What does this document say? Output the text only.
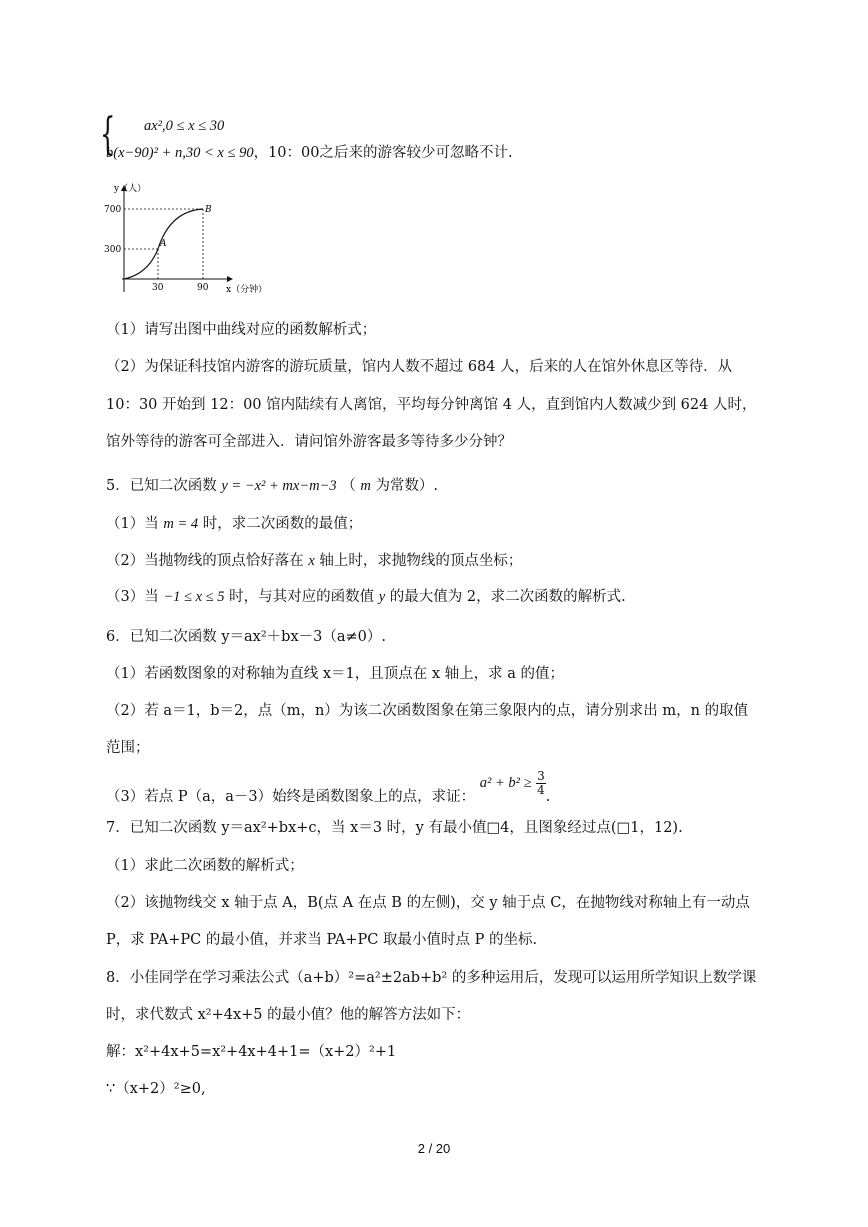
{ ax²,0 ≤ x ≤ 30
b(x−90)² + n,30 < x ≤ 90，10：00之后来的游客较少可忽略不计.
y（人）
700
300
30	90 x（分钟）
A
B
（1）请写出图中曲线对应的函数解析式；
（2）为保证科技馆内游客的游玩质量，馆内人数不超过 684 人，后来的人在馆外休息区等待．从
10：30 开始到 12：00 馆内陆续有人离馆，平均每分钟离馆 4 人，直到馆内人数减少到 624 人时，
馆外等待的游客可全部进入．请问馆外游客最多等待多少分钟？
5．已知二次函数 y = −x² + mx−m−3 （ m 为常数）.
（1）当 m = 4 时，求二次函数的最值；
（2）当抛物线的顶点恰好落在 x 轴上时，求抛物线的顶点坐标；
（3）当 −1 ≤ x ≤ 5 时，与其对应的函数值 y 的最大值为 2，求二次函数的解析式.
6．已知二次函数 y＝ax²＋bx－3（a≠0）.
（1）若函数图象的对称轴为直线 x＝1，且顶点在 x 轴上，求 a 的值；
（2）若 a＝1，b＝2，点（m，n）为该二次函数图象在第三象限内的点，请分别求出 m，n 的取值
范围；
（3）若点 P（a，a－3）始终是函数图象上的点，求证： $a^2 + b^2 \ge \frac{3}{4}$
.
7．已知二次函数 y＝ax²+bx+c，当 x＝3 时，y 有最小值□4，且图象经过点(□1，12).
（1）求此二次函数的解析式；
（2）该抛物线交 x 轴于点 A，B(点 A 在点 B 的左侧)，交 y 轴于点 C，在抛物线对称轴上有一动点
P，求 PA+PC 的最小值，并求当 PA+PC 取最小值时点 P 的坐标.
8．小佳同学在学习乘法公式（a+b）²=a²±2ab+b² 的多种运用后，发现可以运用所学知识上数学课
时，求代数式 x²+4x+5 的最小值？他的解答方法如下：
解：x²+4x+5=x²+4x+4+1=（x+2）²+1
∵（x+2）²≥0,
2 / 20
